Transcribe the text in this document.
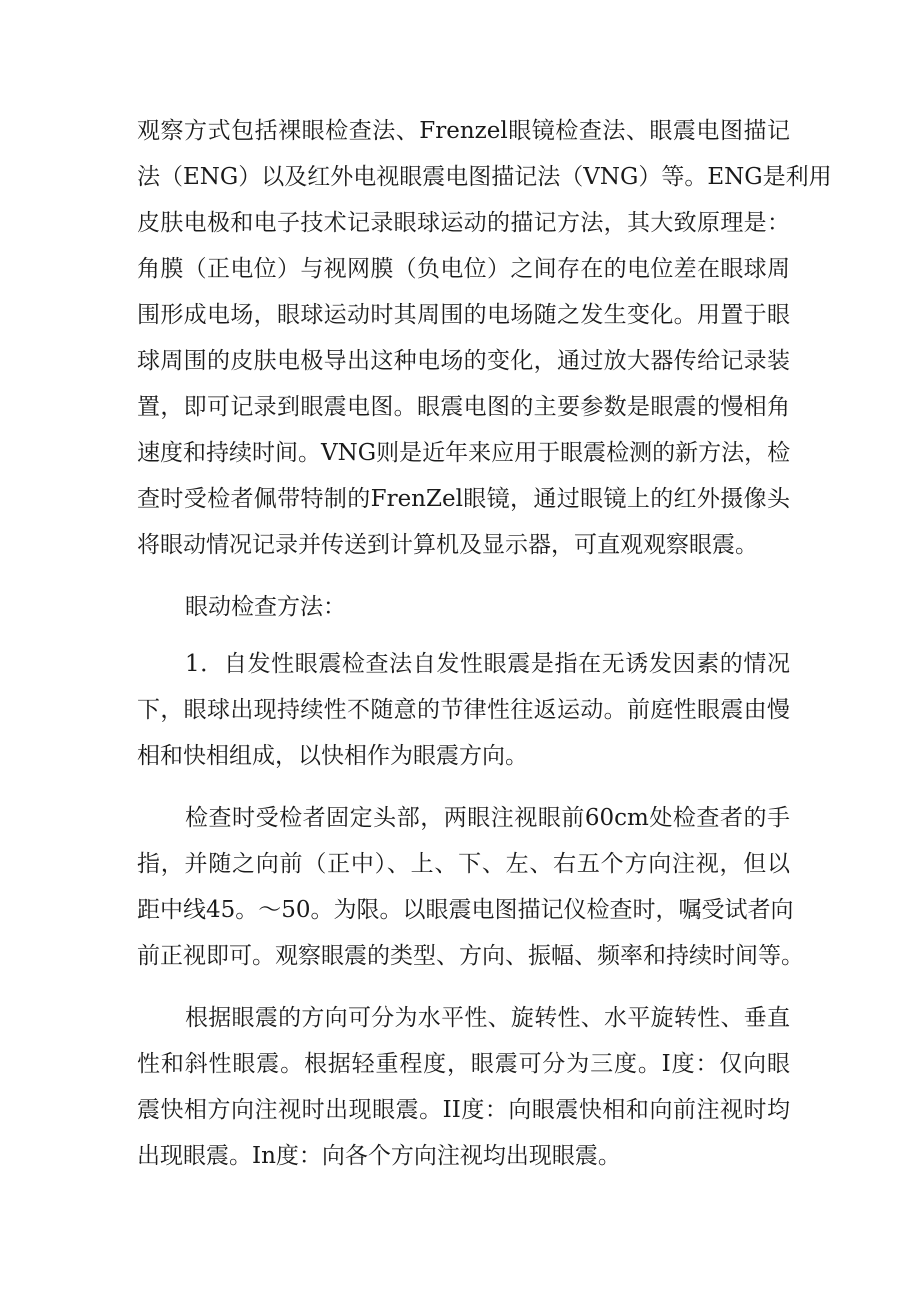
观察方式包括裸眼检查法、Frenzel眼镜检查法、眼震电图描记
法（ENG）以及红外电视眼震电图描记法（VNG）等。ENG是利用
皮肤电极和电子技术记录眼球运动的描记方法，其大致原理是：
角膜（正电位）与视网膜（负电位）之间存在的电位差在眼球周
围形成电场，眼球运动时其周围的电场随之发生变化。用置于眼
球周围的皮肤电极导出这种电场的变化，通过放大器传给记录装
置，即可记录到眼震电图。眼震电图的主要参数是眼震的慢相角
速度和持续时间。VNG则是近年来应用于眼震检测的新方法，检
查时受检者佩带特制的FrenZel眼镜，通过眼镜上的红外摄像头
将眼动情况记录并传送到计算机及显示器，可直观观察眼震。
眼动检查方法：
1．自发性眼震检查法自发性眼震是指在无诱发因素的情况
下，眼球出现持续性不随意的节律性往返运动。前庭性眼震由慢
相和快相组成，以快相作为眼震方向。
检查时受检者固定头部，两眼注视眼前60cm处检查者的手
指，并随之向前（正中）、上、下、左、右五个方向注视，但以
距中线45。～50。为限。以眼震电图描记仪检查时，嘱受试者向
前正视即可。观察眼震的类型、方向、振幅、频率和持续时间等。
根据眼震的方向可分为水平性、旋转性、水平旋转性、垂直
性和斜性眼震。根据轻重程度，眼震可分为三度。I度：仅向眼
震快相方向注视时出现眼震。II度：向眼震快相和向前注视时均
出现眼震。In度：向各个方向注视均出现眼震。
